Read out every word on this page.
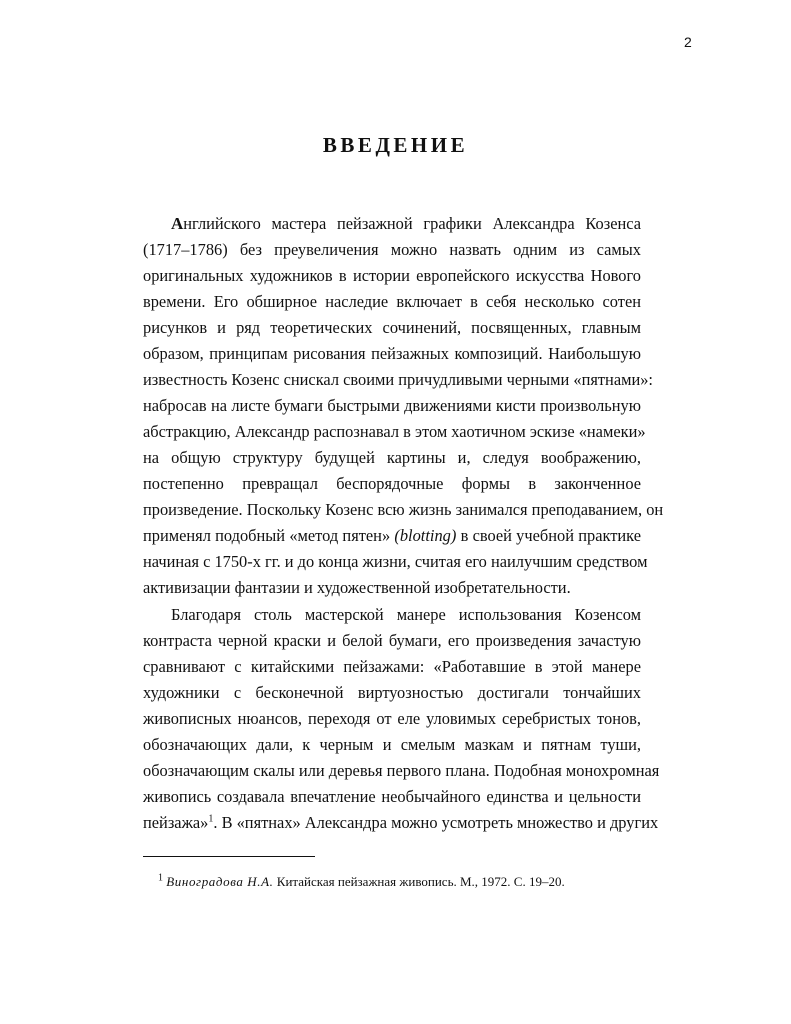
2
ВВЕДЕНИЕ
Английского мастера пейзажной графики Александра Козенса
(1717–1786) без преувеличения можно назвать одним из самых
оригинальных художников в истории европейского искусства Нового
времени. Его обширное наследие включает в себя несколько сотен
рисунков и ряд теоретических сочинений, посвященных, главным
образом, принципам рисования пейзажных композиций. Наибольшую
известность Козенс снискал своими причудливыми черными «пятнами»:
набросав на листе бумаги быстрыми движениями кисти произвольную
абстракцию, Александр распознавал в этом хаотичном эскизе «намеки»
на общую структуру будущей картины и, следуя воображению,
постепенно превращал беспорядочные формы в законченное
произведение. Поскольку Козенс всю жизнь занимался преподаванием, он
применял подобный «метод пятен» (blotting) в своей учебной практике
начиная с 1750-х гг. и до конца жизни, считая его наилучшим средством
активизации фантазии и художественной изобретательности.
Благодаря столь мастерской манере использования Козенсом
контраста черной краски и белой бумаги, его произведения зачастую
сравнивают с китайскими пейзажами: «Работавшие в этой манере
художники с бесконечной виртуозностью достигали тончайших
живописных нюансов, переходя от еле уловимых серебристых тонов,
обозначающих дали, к черным и смелым мазкам и пятнам туши,
обозначающим скалы или деревья первого плана. Подобная монохромная
живопись создавала впечатление необычайного единства и цельности
пейзажа»$^1$. В «пятнах» Александра можно усмотреть множество и других
$^1$ Виноградова Н.А. Китайская пейзажная живопись. М., 1972. С. 19–20.
